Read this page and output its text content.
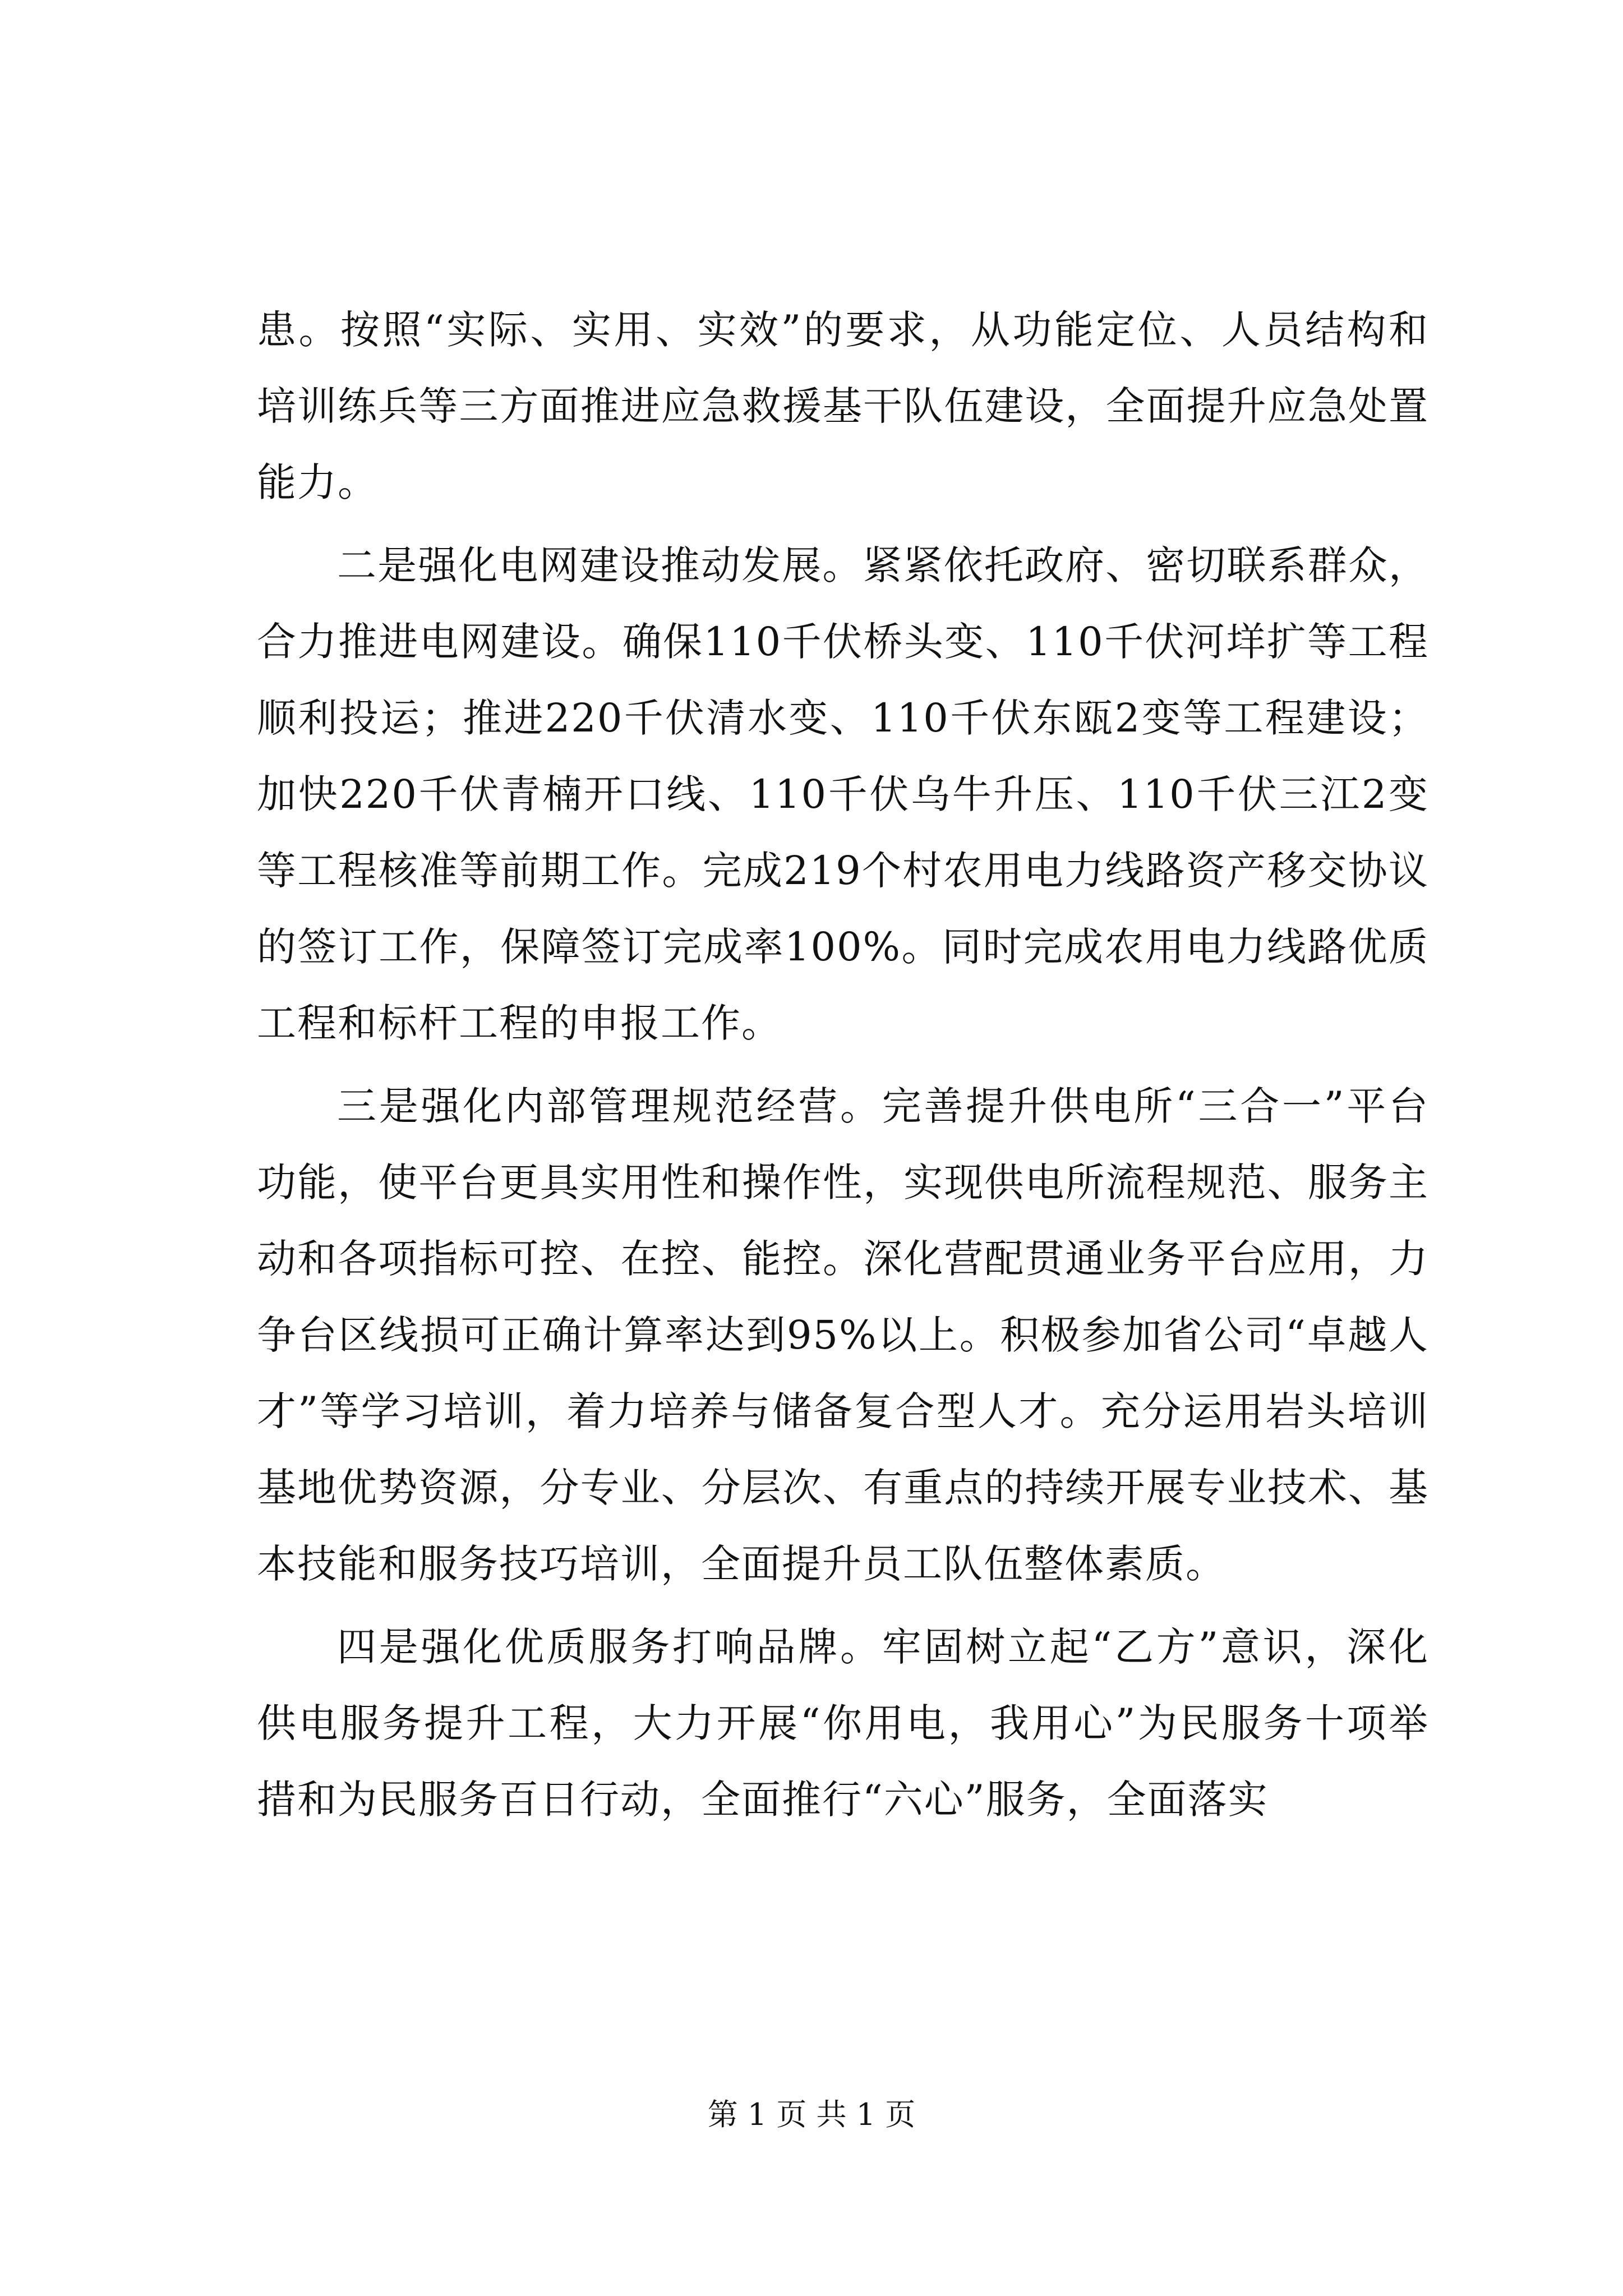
患。按照“实际、实用、实效”的要求，从功能定位、人员结构和培训练兵等三方面推进应急救援基干队伍建设，全面提升应急处置能力。

二是强化电网建设推动发展。紧紧依托政府、密切联系群众，合力推进电网建设。确保110千伏桥头变、110千伏河垟扩等工程顺利投运；推进220千伏清水变、110千伏东瓯2变等工程建设；加快220千伏青楠开口线、110千伏乌牛升压、110千伏三江2变等工程核准等前期工作。完成219个村农用电力线路资产移交协议的签订工作，保障签订完成率100%。同时完成农用电力线路优质工程和标杆工程的申报工作。

三是强化内部管理规范经营。完善提升供电所“三合一”平台功能，使平台更具实用性和操作性，实现供电所流程规范、服务主动和各项指标可控、在控、能控。深化营配贯通业务平台应用，力争台区线损可正确计算率达到95%以上。积极参加省公司“卓越人才”等学习培训，着力培养与储备复合型人才。充分运用岩头培训基地优势资源，分专业、分层次、有重点的持续开展专业技术、基本技能和服务技巧培训，全面提升员工队伍整体素质。

四是强化优质服务打响品牌。牢固树立起“乙方”意识，深化供电服务提升工程，大力开展“你用电，我用心”为民服务十项举措和为民服务百日行动，全面推行“六心”服务，全面落实

第 1 页 共 1 页
